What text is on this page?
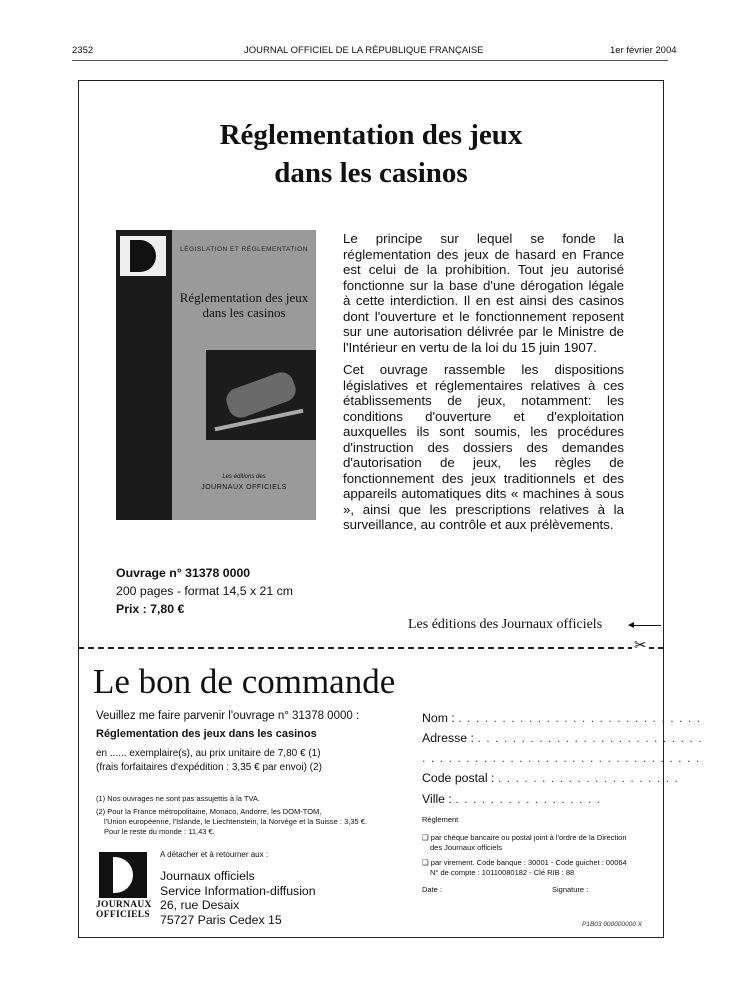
2352	JOURNAL OFFICIEL DE LA RÉPUBLIQUE FRANÇAISE	1er février 2004
Réglementation des jeux
dans les casinos
LÉGISLATION ET RÉGLEMENTATION
Réglementation des jeux
dans les casinos
Les éditions des
JOURNAUX OFFICIELS

Le principe sur lequel se fonde la réglementation des jeux de hasard en France est celui de la prohibition. Tout jeu autorisé fonctionne sur la base d'une dérogation légale à cette interdiction. Il en est ainsi des casinos dont l'ouverture et le fonctionnement reposent sur une autorisation délivrée par le Ministre de l'Intérieur en vertu de la loi du 15 juin 1907.

Cet ouvrage rassemble les dispositions législatives et réglementaires relatives à ces établissements de jeux, notamment: les conditions d'ouverture et d'exploitation auxquelles ils sont soumis, les procédures d'instruction des dossiers des demandes d'autorisation de jeux, les règles de fonctionnement des jeux traditionnels et des appareils automatiques dits « machines à sous », ainsi que les prescriptions relatives à la surveillance, au contrôle et aux prélèvements.

Ouvrage n° 31378 0000
200 pages - format 14,5 x 21 cm
Prix : 7,80 €
Les éditions des Journaux officiels
✂
Le bon de commande
Veuillez me faire parvenir l'ouvrage n° 31378 0000 :
Réglementation des jeux dans les casinos
en ...... exemplaire(s), au prix unitaire de 7,80 € (1)
(frais forfaitaires d'expédition : 3,35 € par envoi) (2)
(1) Nos ouvrages ne sont pas assujettis à la TVA.
(2) Pour la France métropolitaine, Monaco, Andorre, les DOM-TOM,
l'Union européenne, l'Islande, le Liechtenstein, la Norvège et la Suisse : 3,35 €.
Pour le reste du monde : 11,43 €.
A détacher et à retourner aux :
JOURNAUX
OFFICIELS
Journaux officiels
Service Information-diffusion
26, rue Desaix
75727 Paris Cedex 15
Nom : . . . . . . . . . . . . . . . . . . . . . . . . . . . .
Adresse : . . . . . . . . . . . . . . . . . . . . . . . . . .
. . . . . . . . . . . . . . . . . . . . . . . . . . . . . . . .
Code postal : . . . . . . . . . . . . . . . . . . . . .
Ville : . . . . . . . . . . . . . . . . .
Règlement
❑ par chèque bancaire ou postal joint à l'ordre de la Direction
des Journaux officiels
❑ par virement. Code banque : 30001 - Code guichet : 00064
N° de compte : 10110080182 - Clé RIB : 88
Date :	Signature :
P1B03 000000000 X
